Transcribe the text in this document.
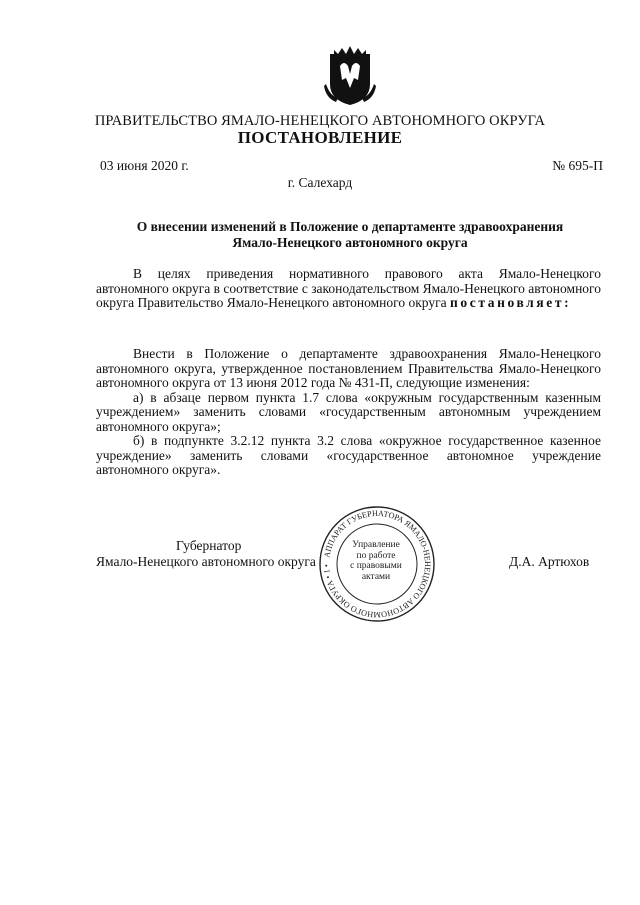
ПРАВИТЕЛЬСТВО ЯМАЛО-НЕНЕЦКОГО АВТОНОМНОГО ОКРУГА
ПОСТАНОВЛЕНИЕ
03 июня 2020 г.	№ 695-П
г. Салехард
О внесении изменений в Положение о департаменте здравоохранения
Ямало-Ненецкого автономного округа
В целях приведения нормативного правового акта Ямало-Ненецкого автономного округа в соответствие с законодательством Ямало-Ненецкого автономного округа Правительство Ямало-Ненецкого автономного округа постановляет:
Внести в Положение о департаменте здравоохранения Ямало-Ненецкого автономного округа, утвержденное постановлением Правительства Ямало-Ненецкого автономного округа от 13 июня 2012 года № 431-П, следующие изменения:
а) в абзаце первом пункта 1.7 слова «окружным государственным казенным учреждением» заменить словами «государственным автономным учреждением автономного округа»;
б) в подпункте 3.2.12 пункта 3.2 слова «окружное государственное казенное учреждение» заменить словами «государственное автономное учреждение автономного округа».
Губернатор
Ямало-Ненецкого автономного округа	Д.А. Артюхов
АППАРАТ ГУБЕРНАТОРА ЯМАЛО-НЕНЕЦКОГО АВТОНОМНОГО ОКРУГА • 1 •
Управление
по работе
с правовыми
актами
